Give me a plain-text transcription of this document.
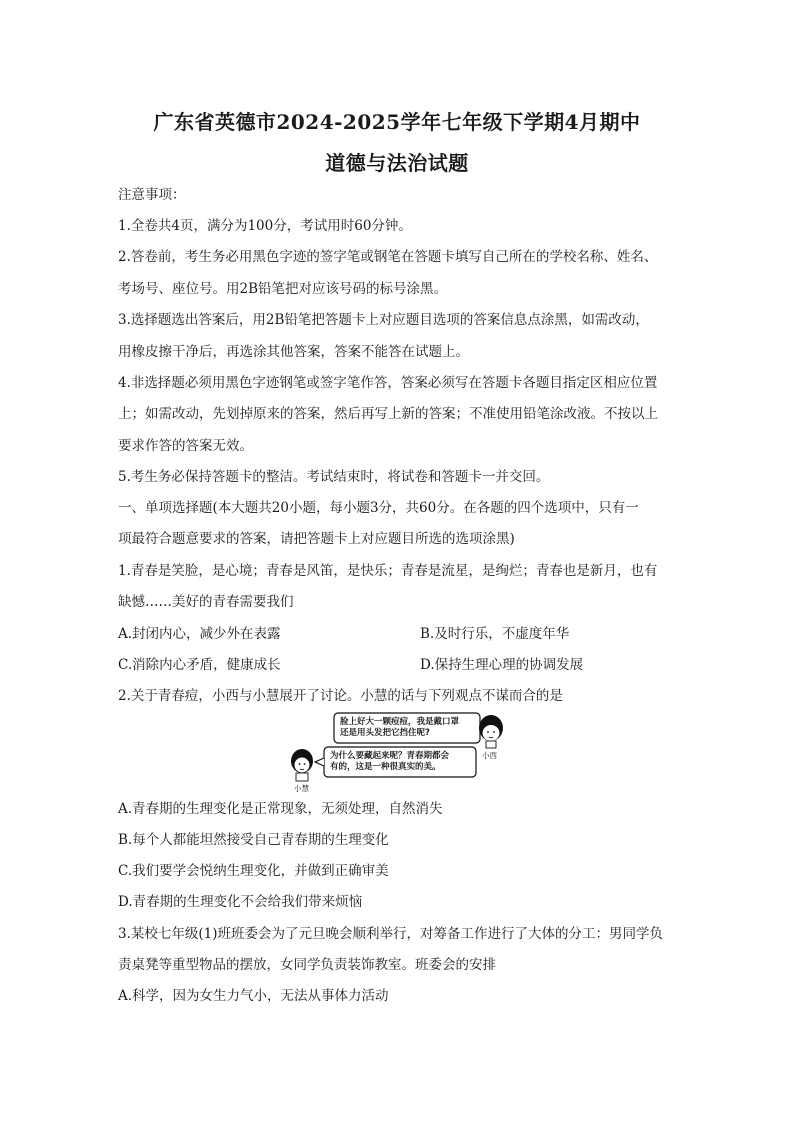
广东省英德市2024-2025学年七年级下学期4月期中
道德与法治试题
注意事项：
1.全卷共4页，满分为100分，考试用时60分钟。
2.答卷前，考生务必用黑色字迹的签字笔或钢笔在答题卡填写自己所在的学校名称、姓名、
考场号、座位号。用2B铅笔把对应该号码的标号涂黑。
3.选择题选出答案后，用2B铅笔把答题卡上对应题目选项的答案信息点涂黑，如需改动，
用橡皮擦干净后，再选涂其他答案，答案不能答在试题上。
4.非选择题必须用黑色字迹钢笔或签字笔作答，答案必须写在答题卡各题目指定区相应位置
上；如需改动，先划掉原来的答案，然后再写上新的答案；不准使用铅笔涂改液。不按以上
要求作答的答案无效。
5.考生务必保持答题卡的整洁。考试结束时，将试卷和答题卡一并交回。
一、单项选择题(本大题共20小题，每小题3分，共60分。在各题的四个选项中，只有一
项最符合题意要求的答案，请把答题卡上对应题目所选的选项涂黑)
1.青春是笑脸，是心境；青春是风笛，是快乐；青春是流星，是绚烂；青春也是新月，也有
缺憾……美好的青春需要我们
A.封闭内心，减少外在表露	B.及时行乐，不虚度年华
C.消除内心矛盾，健康成长	D.保持生理心理的协调发展
2.关于青春痘，小西与小慧展开了讨论。小慧的话与下列观点不谋而合的是
脸上好大一颗痘痘，我是戴口罩
还是用头发把它挡住呢?
为什么要藏起来呢？青春期都会
有的，这是一种很真实的美。
小西
小慧
A.青春期的生理变化是正常现象，无须处理，自然消失
B.每个人都能坦然接受自己青春期的生理变化
C.我们要学会悦纳生理变化，并做到正确审美
D.青春期的生理变化不会给我们带来烦恼
3.某校七年级(1)班班委会为了元旦晚会顺利举行，对筹备工作进行了大体的分工：男同学负
责桌凳等重型物品的摆放，女同学负责装饰教室。班委会的安排
A.科学，因为女生力气小，无法从事体力活动
